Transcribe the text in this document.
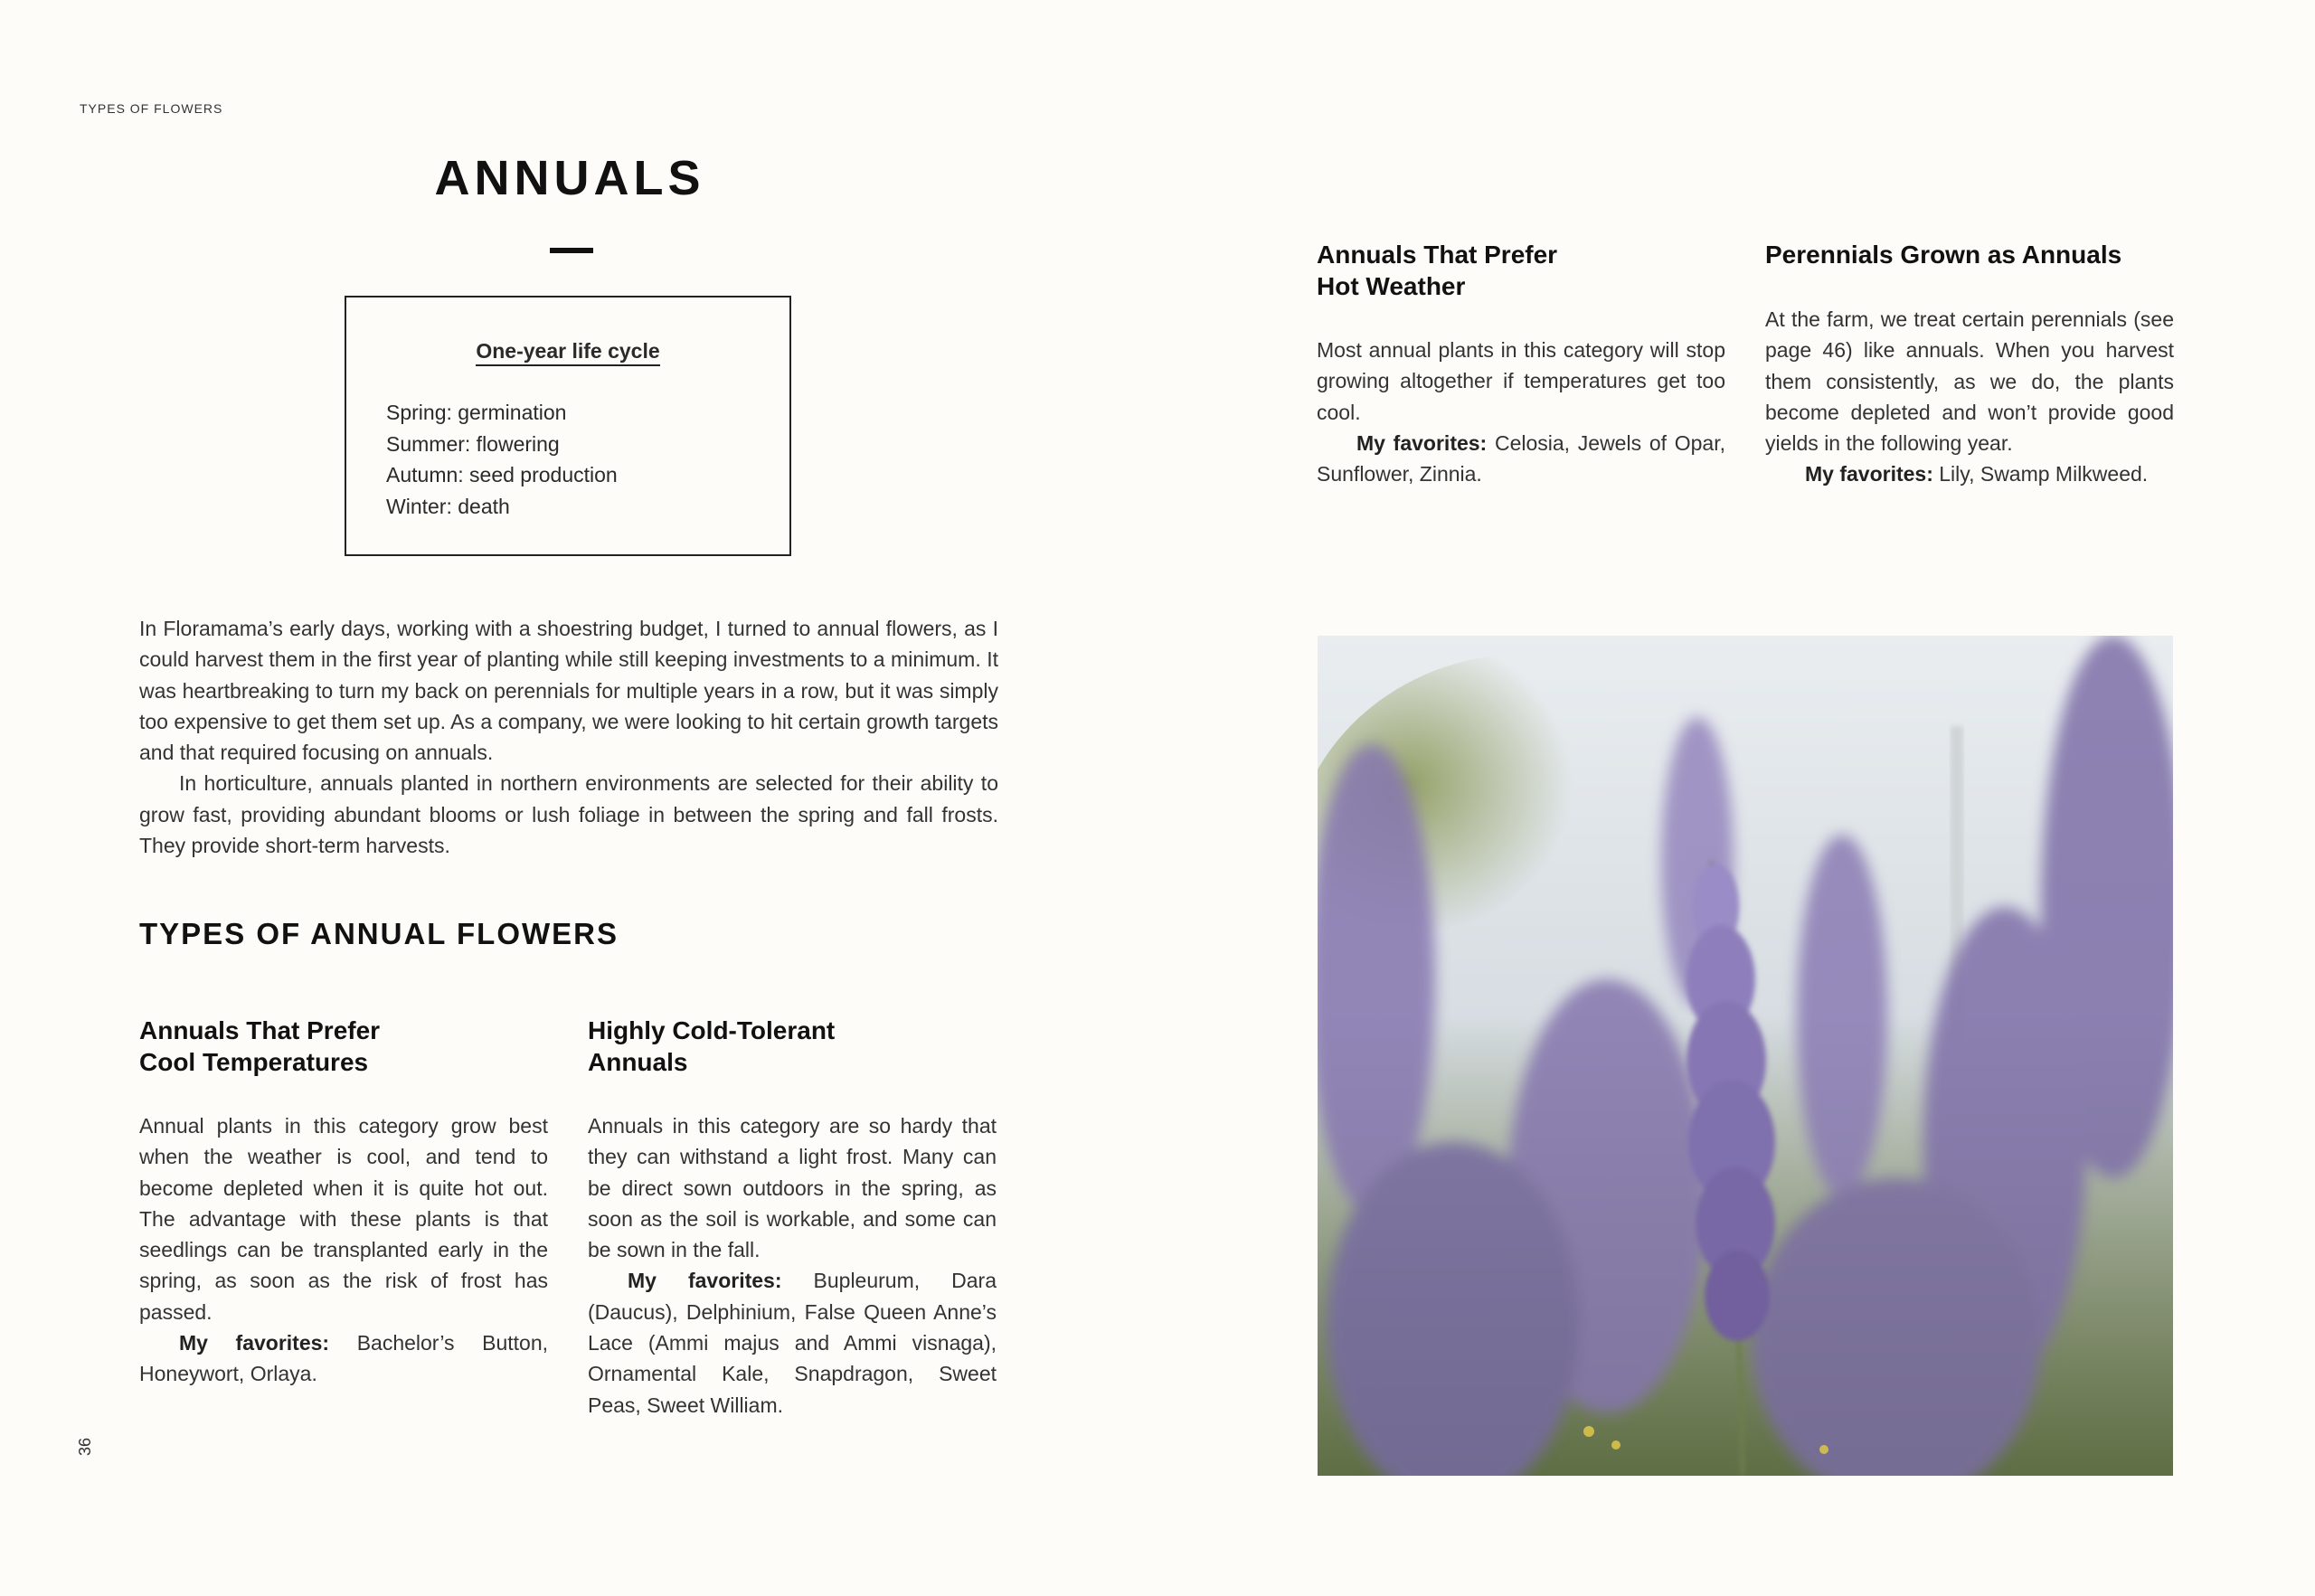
TYPES OF FLOWERS
36
ANNUALS
One-year life cycle
Spring: germination
Summer: flowering
Autumn: seed production
Winter: death

In Floramama’s early days, working with a shoestring budget, I turned to annual flowers, as I could harvest them in the first year of planting while still keeping investments to a minimum. It was heartbreaking to turn my back on perennials for multiple years in a row, but it was simply too expensive to get them set up. As a company, we were looking to hit certain growth targets and that required focusing on annuals.

In horticulture, annuals planted in northern environments are selected for their ability to grow fast, providing abundant blooms or lush foliage in between the spring and fall frosts. They provide short-term harvests.

TYPES OF ANNUAL FLOWERS
Annuals That Prefer
Cool Temperatures

Annual plants in this category grow best when the weather is cool, and tend to become depleted when it is quite hot out. The advantage with these plants is that seedlings can be transplanted early in the spring, as soon as the risk of frost has passed.

My favorites: Bachelor’s Button, Honeywort, Orlaya.

Highly Cold-Tolerant
Annuals

Annuals in this category are so hardy that they can withstand a light frost. Many can be direct sown outdoors in the spring, as soon as the soil is workable, and some can be sown in the fall.

My favorites: Bupleurum, Dara (Daucus), Delphinium, False Queen Anne’s Lace (Ammi majus and Ammi visnaga), Ornamental Kale, Snapdragon, Sweet Peas, Sweet William.

Annuals That Prefer
Hot Weather

Most annual plants in this category will stop growing altogether if temperatures get too cool.

My favorites: Celosia, Jewels of Opar, Sunflower, Zinnia.

Perennials Grown as Annuals

At the farm, we treat certain perennials (see page 46) like annuals. When you harvest them consistently, as we do, the plants become depleted and won’t provide good yields in the following year.

My favorites: Lily, Swamp Milkweed.
